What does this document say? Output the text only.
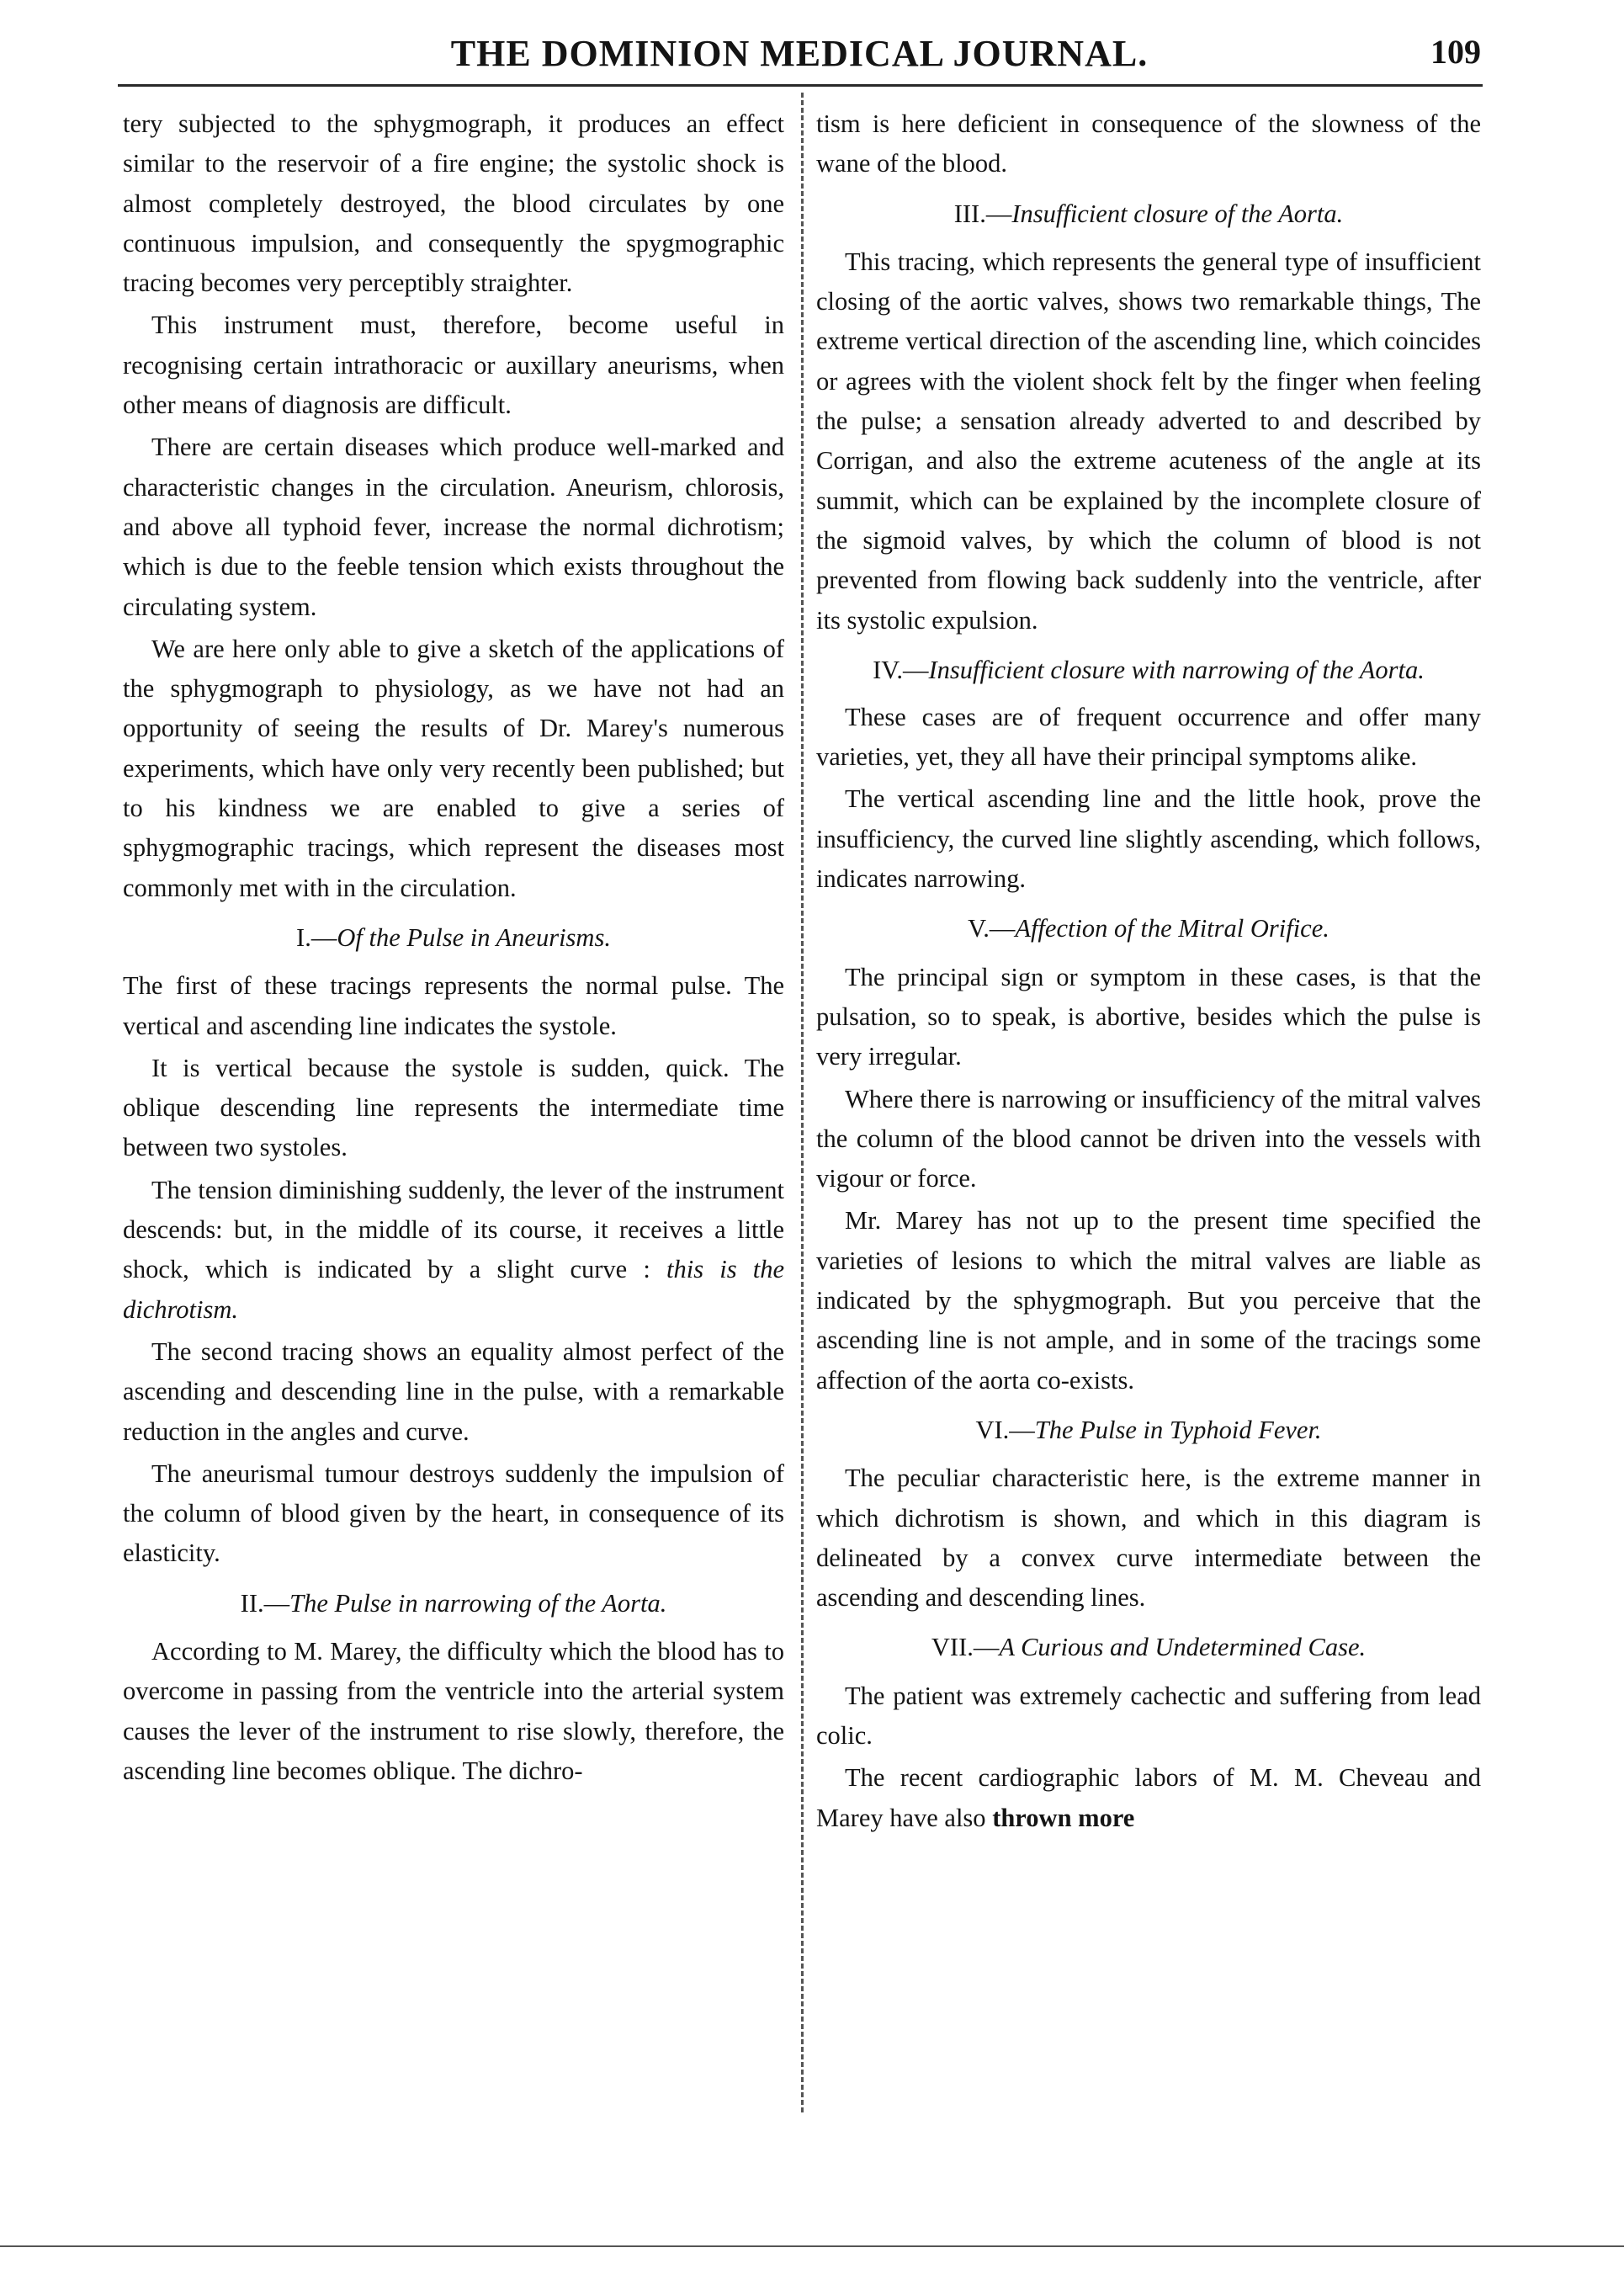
THE DOMINION MEDICAL JOURNAL.	109

tery subjected to the sphygmograph, it produces an effect similar to the reservoir of a fire engine; the systolic shock is almost completely destroyed, the blood circulates by one continuous impulsion, and consequently the spygmographic tracing becomes very perceptibly straighter.

This instrument must, therefore, become useful in recognising certain intrathoracic or auxillary aneurisms, when other means of diagnosis are difficult.

There are certain diseases which produce well-marked and characteristic changes in the circulation. Aneurism, chlorosis, and above all typhoid fever, increase the normal dichrotism; which is due to the feeble tension which exists throughout the circulating system.

We are here only able to give a sketch of the applications of the sphygmograph to physiology, as we have not had an opportunity of seeing the results of Dr. Marey's numerous experiments, which have only very recently been published; but to his kindness we are enabled to give a series of sphygmographic tracings, which represent the diseases most commonly met with in the circulation.

I.—Of the Pulse in Aneurisms.

The first of these tracings represents the normal pulse. The vertical and ascending line indicates the systole.

It is vertical because the systole is sudden, quick. The oblique descending line represents the intermediate time between two systoles.

The tension diminishing suddenly, the lever of the instrument descends: but, in the middle of its course, it receives a little shock, which is indicated by a slight curve : this is the dichrotism.

The second tracing shows an equality almost perfect of the ascending and descending line in the pulse, with a remarkable reduction in the angles and curve.

The aneurismal tumour destroys suddenly the impulsion of the column of blood given by the heart, in consequence of its elasticity.

II.—The Pulse in narrowing of the Aorta.

According to M. Marey, the difficulty which the blood has to overcome in passing from the ventricle into the arterial system causes the lever of the instrument to rise slowly, therefore, the ascending line becomes oblique. The dichro-

tism is here deficient in consequence of the slowness of the wane of the blood.

III.—Insufficient closure of the Aorta.

This tracing, which represents the general type of insufficient closing of the aortic valves, shows two remarkable things, The extreme vertical direction of the ascending line, which coincides or agrees with the violent shock felt by the finger when feeling the pulse; a sensation already adverted to and described by Corrigan, and also the extreme acuteness of the angle at its summit, which can be explained by the incomplete closure of the sigmoid valves, by which the column of blood is not prevented from flowing back suddenly into the ventricle, after its systolic expulsion.

IV.—Insufficient closure with narrowing of the Aorta.

These cases are of frequent occurrence and offer many varieties, yet, they all have their principal symptoms alike.

The vertical ascending line and the little hook, prove the insufficiency, the curved line slightly ascending, which follows, indicates narrowing.

V.—Affection of the Mitral Orifice.

The principal sign or symptom in these cases, is that the pulsation, so to speak, is abortive, besides which the pulse is very irregular.

Where there is narrowing or insufficiency of the mitral valves the column of the blood cannot be driven into the vessels with vigour or force.

Mr. Marey has not up to the present time specified the varieties of lesions to which the mitral valves are liable as indicated by the sphygmograph. But you perceive that the ascending line is not ample, and in some of the tracings some affection of the aorta co-exists.

VI.—The Pulse in Typhoid Fever.

The peculiar characteristic here, is the extreme manner in which dichrotism is shown, and which in this diagram is delineated by a convex curve intermediate between the ascending and descending lines.

VII.—A Curious and Undetermined Case.

The patient was extremely cachectic and suffering from lead colic.

The recent cardiographic labors of M. M. Cheveau and Marey have also thrown more
